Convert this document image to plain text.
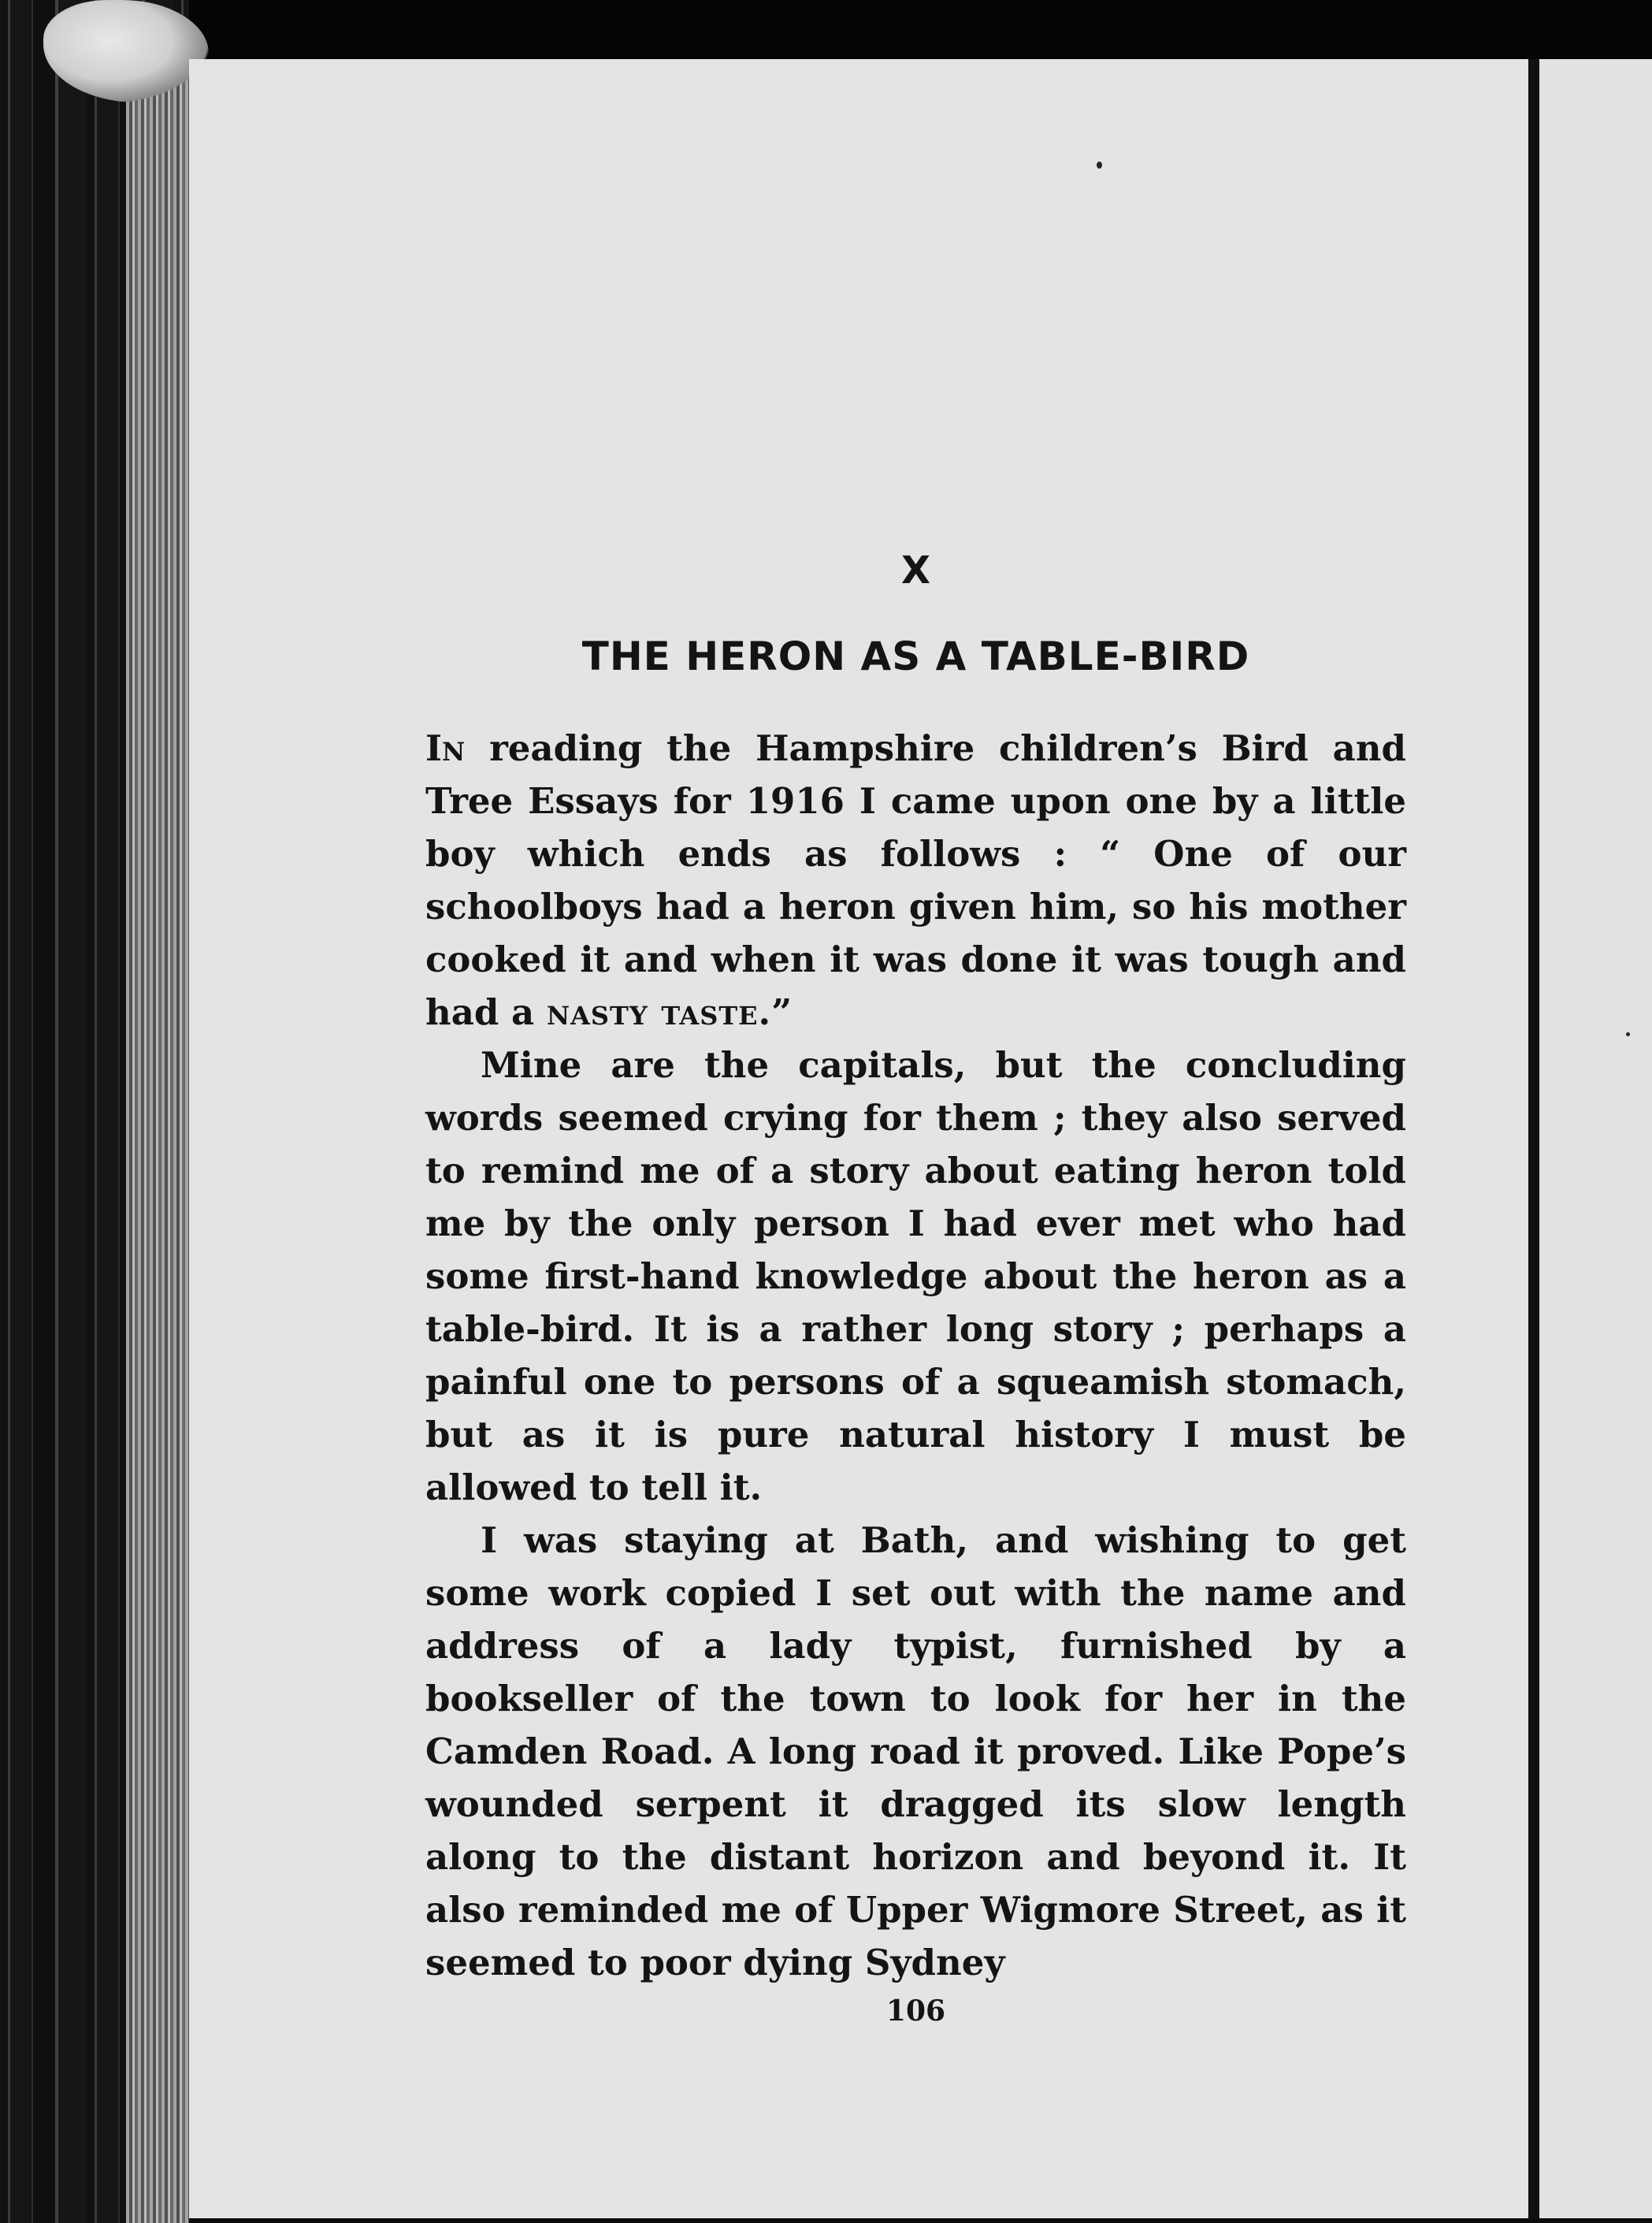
X
THE HERON AS A TABLE-BIRD

In reading the Hampshire children’s Bird and Tree Essays for 1916 I came upon one by a little boy which ends as follows : “ One of our schoolboys had a heron given him, so his mother cooked it and when it was done it was tough and had a nasty taste.”

Mine are the capitals, but the concluding words seemed crying for them ; they also served to remind me of a story about eating heron told me by the only person I had ever met who had some first-hand knowledge about the heron as a table-bird. It is a rather long story ; perhaps a painful one to persons of a squeamish stomach, but as it is pure natural history I must be allowed to tell it.

I was staying at Bath, and wishing to get some work copied I set out with the name and address of a lady typist, furnished by a bookseller of the town to look for her in the Camden Road. A long road it proved. Like Pope’s wounded serpent it dragged its slow length along to the distant horizon and beyond it. It also reminded me of Upper Wigmore Street, as it seemed to poor dying Sydney

106
